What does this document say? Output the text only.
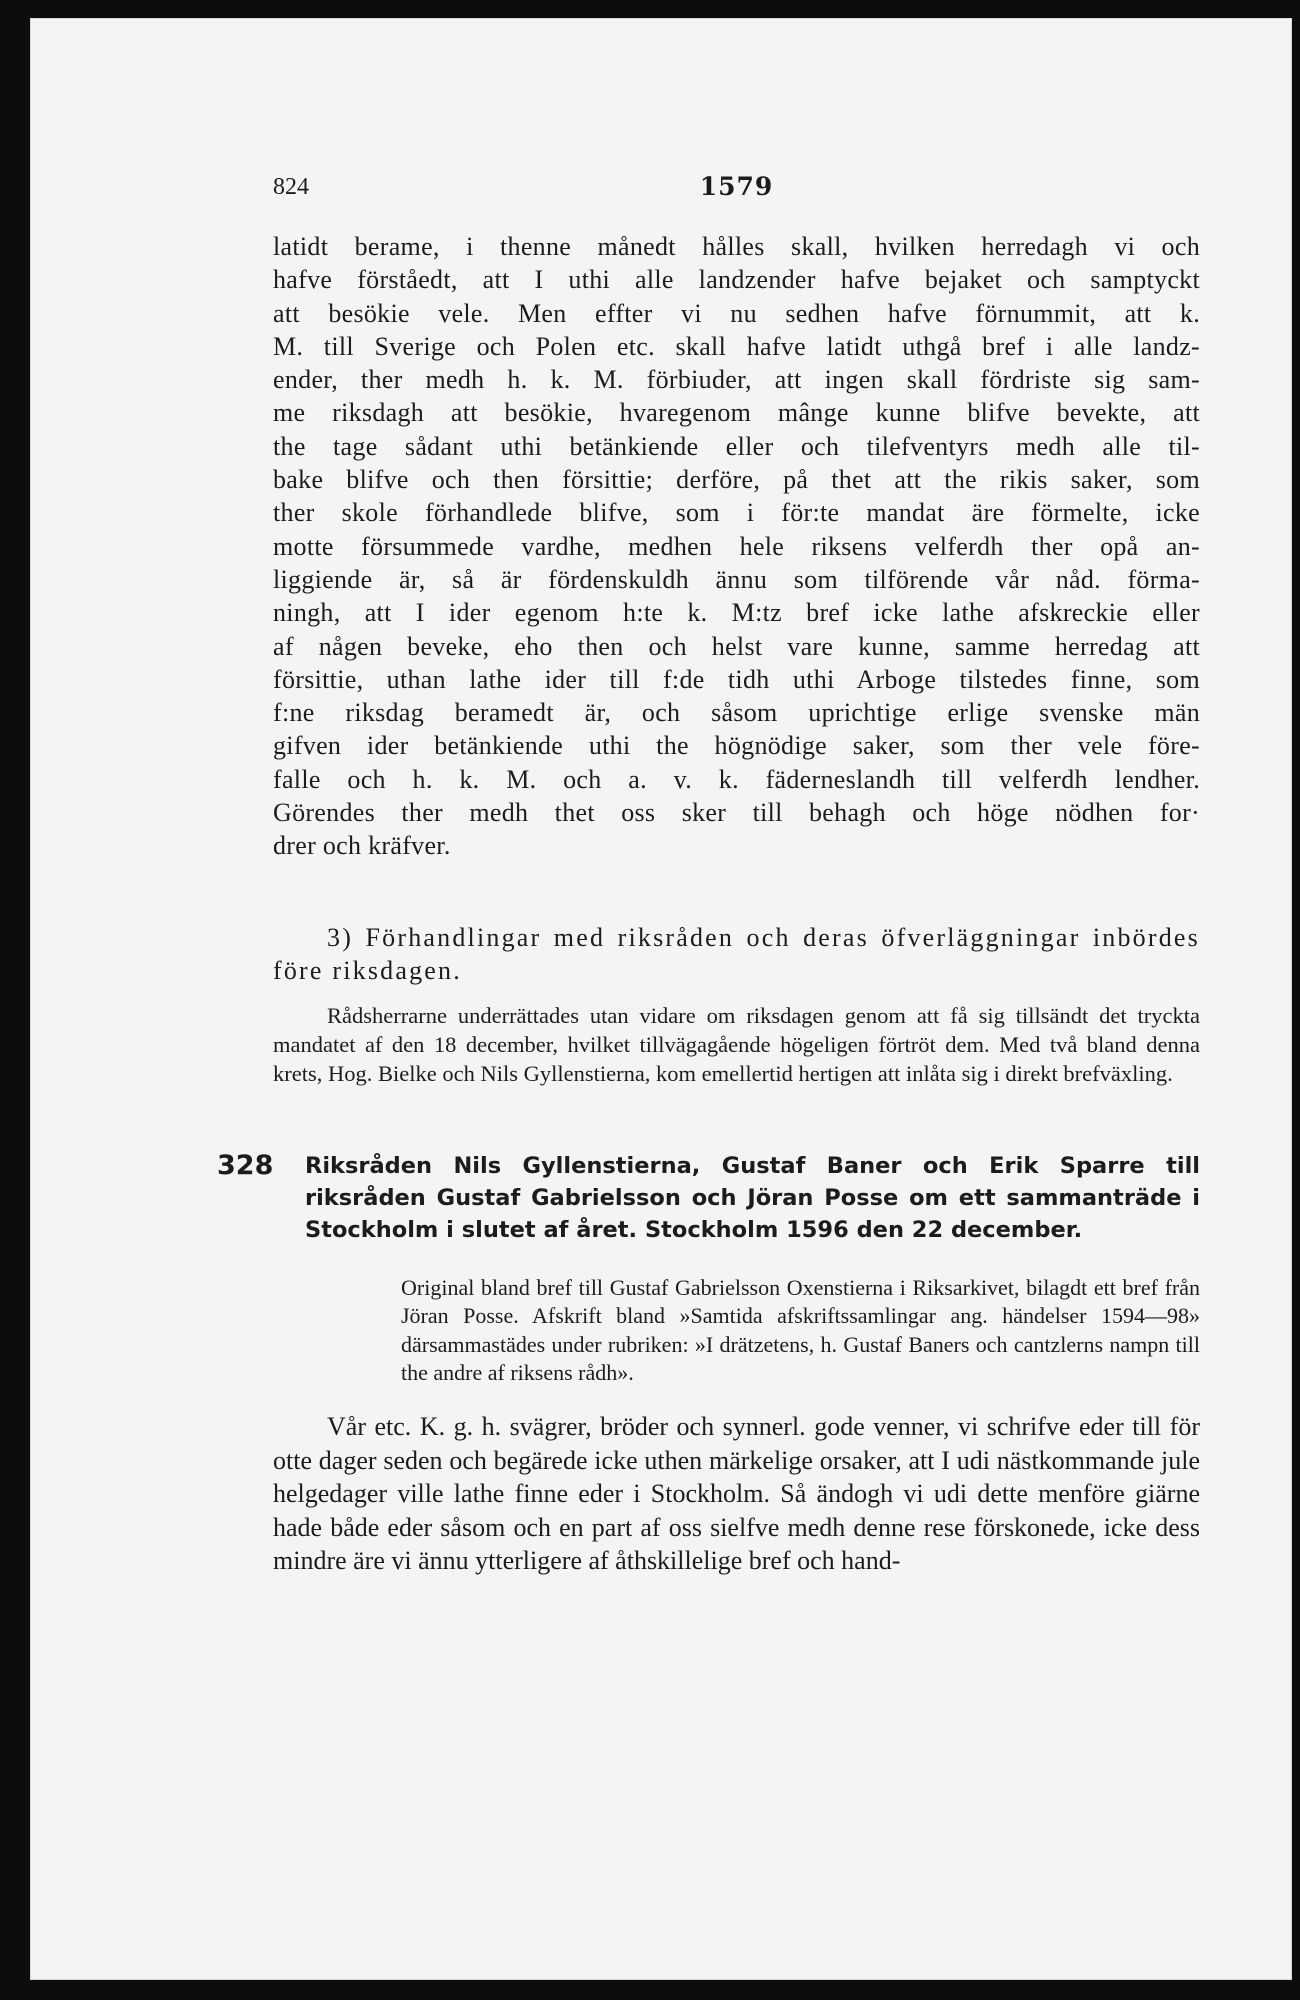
824	1579

latidt berame, i thenne månedt hålles skall, hvilken herredagh vi och

hafve förståedt, att I uthi alle landzender hafve bejaket och samptyckt

att besökie vele. Men effter vi nu sedhen hafve förnummit, att k.

M. till Sverige och Polen etc. skall hafve latidt uthgå bref i alle landz-

ender, ther medh h. k. M. förbiuder, att ingen skall fördriste sig sam-

me riksdagh att besökie, hvaregenom mânge kunne blifve bevekte, att

the tage sådant uthi betänkiende eller och tilefventyrs medh alle til-

bake blifve och then försittie; derföre, på thet att the rikis saker, som

ther skole förhandlede blifve, som i för:te mandat äre förmelte, icke

motte försummede vardhe, medhen hele riksens velferdh ther opå an-

liggiende är, så är fördenskuldh ännu som tilförende vår nåd. förma-

ningh, att I ider egenom h:te k. M:tz bref icke lathe afskreckie eller

af någen beveke, eho then och helst vare kunne, samme herredag att

försittie, uthan lathe ider till f:de tidh uthi Arboge tilstedes finne, som

f:ne riksdag beramedt är, och såsom uprichtige erlige svenske män

gifven ider betänkiende uthi the högnödige saker, som ther vele före-

falle och h. k. M. och a. v. k. fäderneslandh till velferdh lendher.

Görendes ther medh thet oss sker till behagh och höge nödhen for·

drer och kräfver.

3) Förhandlingar med riksråden och deras öfverläggningar inbördes före riksdagen.

Rådsherrarne underrättades utan vidare om riksdagen genom att få sig tillsändt det tryckta mandatet af den 18 december, hvilket tillvägagående högeligen förtröt dem. Med två bland denna krets, Hog. Bielke och Nils Gyllenstierna, kom emellertid hertigen att inlåta sig i direkt brefväxling.

328 Riksråden Nils Gyllenstierna, Gustaf Baner och Erik Sparre till riksråden Gustaf Gabrielsson och Jöran Posse om ett sammanträde i Stockholm i slutet af året. Stockholm 1596 den 22 december.

Original bland bref till Gustaf Gabrielsson Oxenstierna i Riksarkivet, bilagdt ett bref från Jöran Posse. Afskrift bland »Samtida afskriftssamlingar ang. händelser 1594—98» därsammastädes under rubriken: »I drätzetens, h. Gustaf Baners och cantzlerns nampn till the andre af riksens rådh».

Vår etc. K. g. h. svägrer, bröder och synnerl. gode venner, vi schrifve eder till för otte dager seden och begärede icke uthen märkelige orsaker, att I udi nästkommande jule helgedager ville lathe finne eder i Stockholm. Så ändogh vi udi dette menföre giärne hade både eder såsom och en part af oss sielfve medh denne rese förskonede, icke dess mindre äre vi ännu ytterligere af åthskillelige bref och hand-
